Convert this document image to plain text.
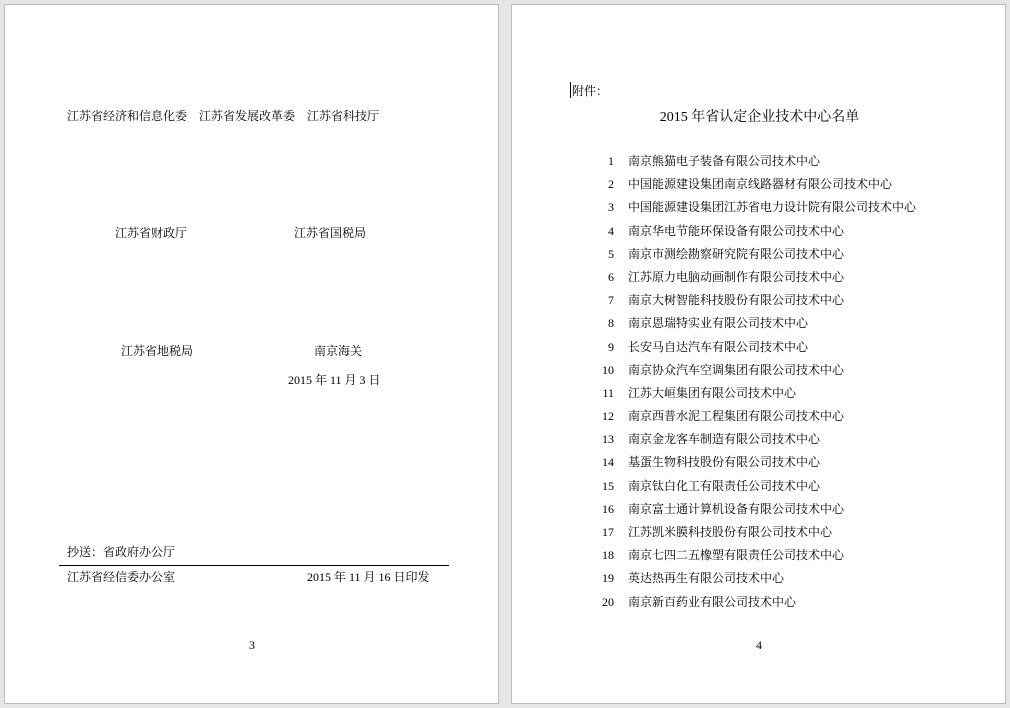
江苏省经济和信息化委　江苏省发展改革委　江苏省科技厅
江苏省财政厅	江苏省国税局
江苏省地税局	南京海关
2015 年 11 月 3 日
抄送：省政府办公厅
江苏省经信委办公室	2015 年 11 月 16 日印发
3
附件：
2015 年省认定企业技术中心名单
1	南京熊猫电子装备有限公司技术中心
2	中国能源建设集团南京线路器材有限公司技术中心
3	中国能源建设集团江苏省电力设计院有限公司技术中心
4	南京华电节能环保设备有限公司技术中心
5	南京市测绘勘察研究院有限公司技术中心
6	江苏原力电脑动画制作有限公司技术中心
7	南京大树智能科技股份有限公司技术中心
8	南京恩瑞特实业有限公司技术中心
9	长安马自达汽车有限公司技术中心
10	南京协众汽车空调集团有限公司技术中心
11	江苏大峘集团有限公司技术中心
12	南京西普水泥工程集团有限公司技术中心
13	南京金龙客车制造有限公司技术中心
14	基蛋生物科技股份有限公司技术中心
15	南京钛白化工有限责任公司技术中心
16	南京富士通计算机设备有限公司技术中心
17	江苏凯米膜科技股份有限公司技术中心
18	南京七四二五橡塑有限责任公司技术中心
19	英达热再生有限公司技术中心
20	南京新百药业有限公司技术中心
4
